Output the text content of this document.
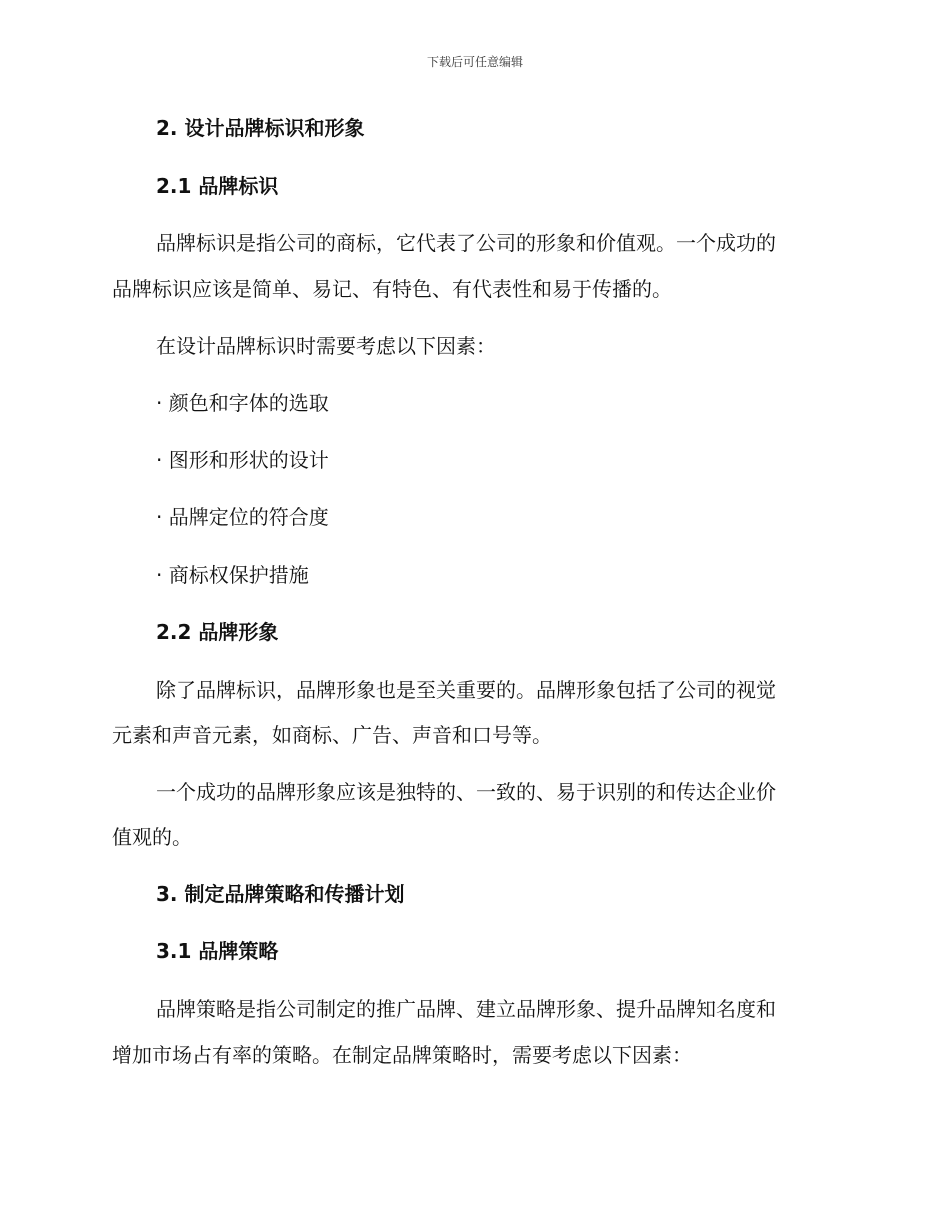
下载后可任意编辑
2. 设计品牌标识和形象
2.1 品牌标识
品牌标识是指公司的商标，它代表了公司的形象和价值观。一个成功的
品牌标识应该是简单、易记、有特色、有代表性和易于传播的。
在设计品牌标识时需要考虑以下因素：
· 颜色和字体的选取
· 图形和形状的设计
· 品牌定位的符合度
· 商标权保护措施
2.2 品牌形象
除了品牌标识，品牌形象也是至关重要的。品牌形象包括了公司的视觉
元素和声音元素，如商标、广告、声音和口号等。
一个成功的品牌形象应该是独特的、一致的、易于识别的和传达企业价
值观的。
3. 制定品牌策略和传播计划
3.1 品牌策略
品牌策略是指公司制定的推广品牌、建立品牌形象、提升品牌知名度和
增加市场占有率的策略。在制定品牌策略时，需要考虑以下因素：
